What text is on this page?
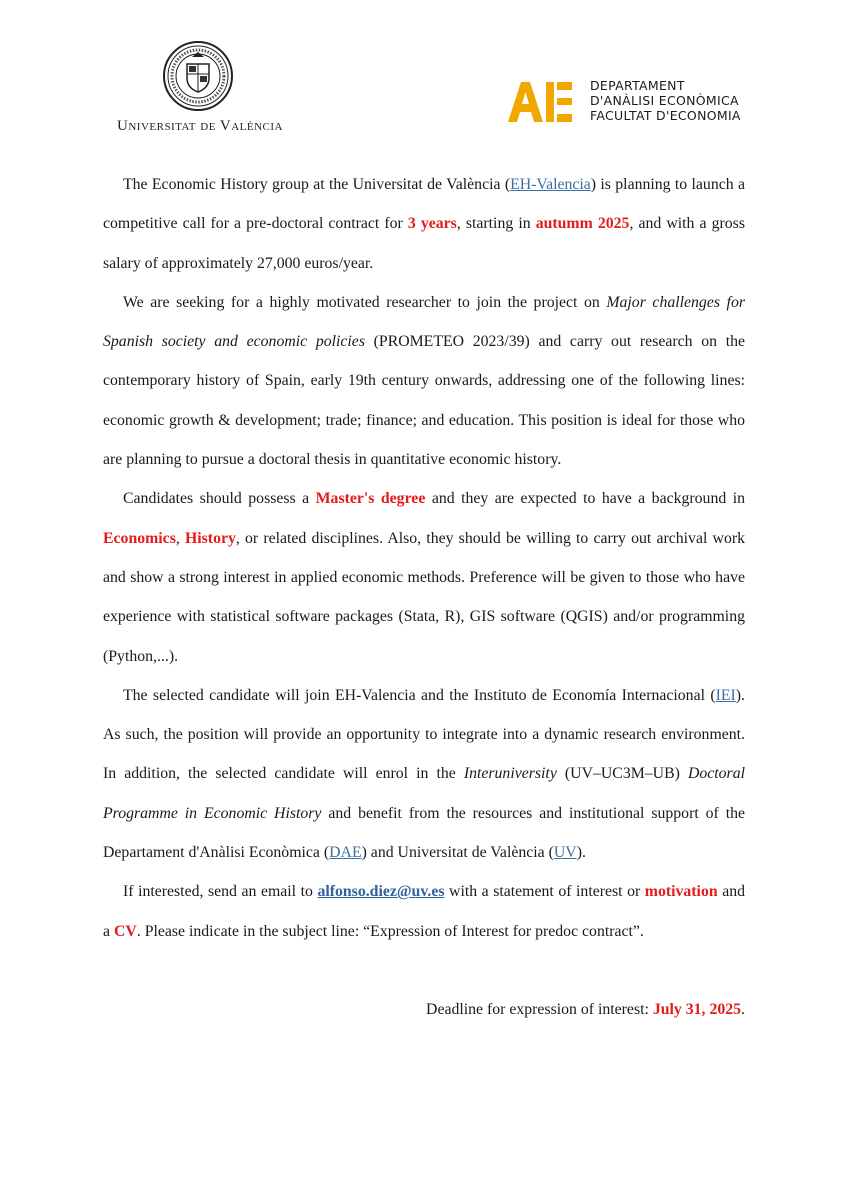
Universitat de València
DEPARTAMENT
D'ANÀLISI ECONÒMICA
FACULTAT D'ECONOMIA

The Economic History group at the Universitat de València (EH-Valencia) is planning to launch a competitive call for a pre-doctoral contract for 3 years, starting in autumm 2025, and with a gross salary of approximately 27,000 euros/year.

We are seeking for a highly motivated researcher to join the project on Major challenges for Spanish society and economic policies (PROMETEO 2023/39) and carry out research on the contemporary history of Spain, early 19th century onwards, addressing one of the following lines: economic growth & development; trade; finance; and education. This position is ideal for those who are planning to pursue a doctoral thesis in quantitative economic history.

Candidates should possess a Master's degree and they are expected to have a background in Economics, History, or related disciplines. Also, they should be willing to carry out archival work and show a strong interest in applied economic methods. Preference will be given to those who have experience with statistical software packages (Stata, R), GIS software (QGIS) and/or programming (Python,...).

The selected candidate will join EH-Valencia and the Instituto de Economía Internacional (IEI). As such, the position will provide an opportunity to integrate into a dynamic research environment. In addition, the selected candidate will enrol in the Interuniversity (UV–UC3M–UB) Doctoral Programme in Economic History and benefit from the resources and institutional support of the Departament d'Anàlisi Econòmica (DAE) and Universitat de València (UV).

If interested, send an email to alfonso.diez@uv.es with a statement of interest or motivation and a CV. Please indicate in the subject line: “Expression of Interest for predoc contract”.

Deadline for expression of interest: July 31, 2025.
